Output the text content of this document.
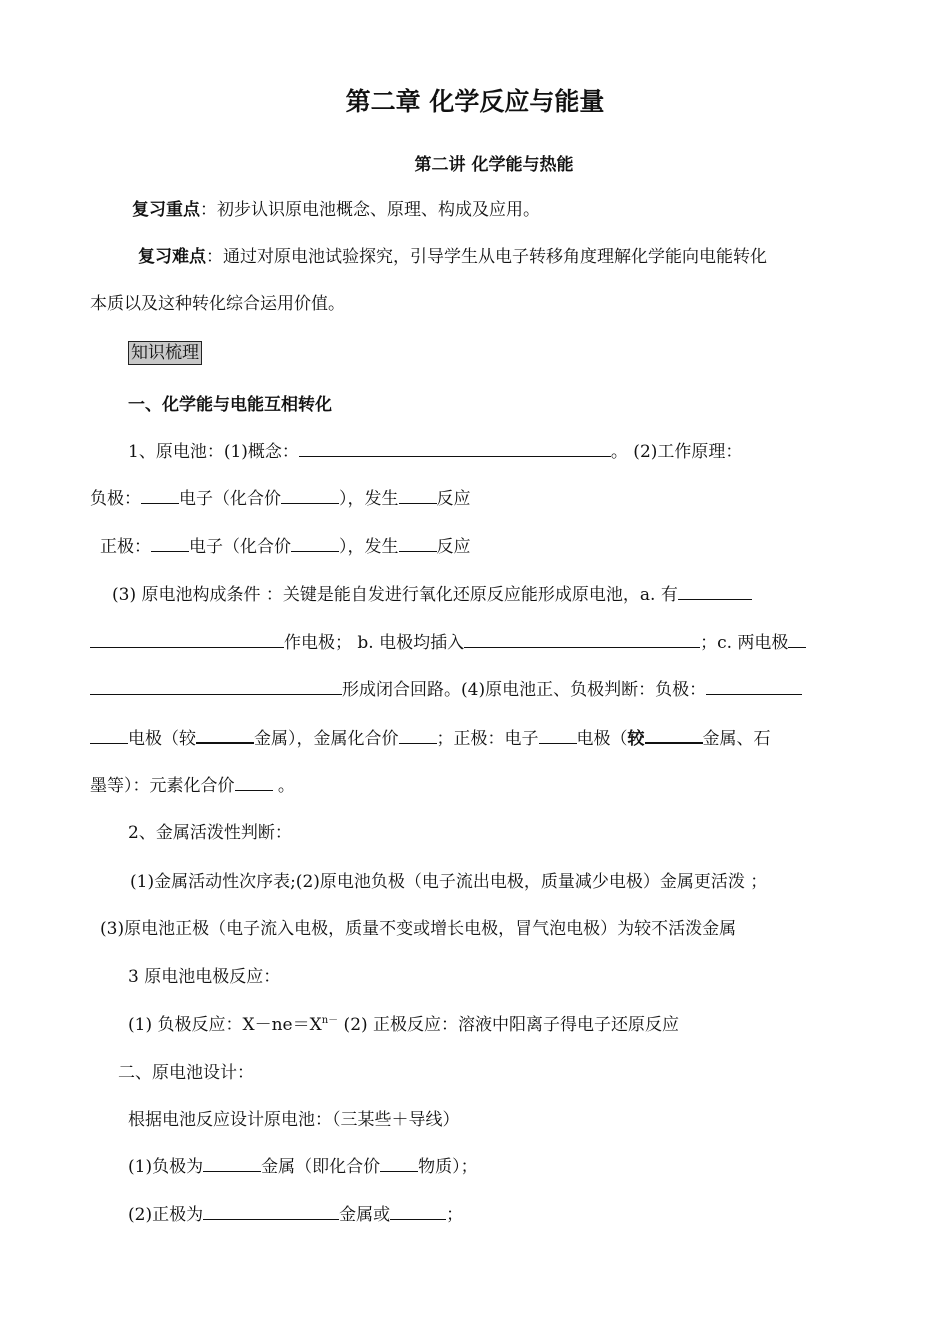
第二章 化学反应与能量
第二讲 化学能与热能
复习重点：初步认识原电池概念、原理、构成及应用。
复习难点：通过对原电池试验探究，引导学生从电子转移角度理解化学能向电能转化
本质以及这种转化综合运用价值。
知识梳理
一、化学能与电能互相转化
1、原电池：(1)概念：	。 (2)工作原理：
负极： 电子（化合价	），发生 反应
正极： 电子（化合价	），发生 反应
(3) 原电池构成条件 ：关键是能自发进行氧化还原反应能形成原电池，a. 有
作电极； b. 电极均插入	；c. 两电极
形成闭合回路。(4)原电池正、负极判断：负极：
电极（较	金属），金属化合价 ；正极：电子 电极（较	金属、石
墨等）：元素化合价 。
2、金属活泼性判断：
(1)金属活动性次序表;(2)原电池负极（电子流出电极，质量减少电极）金属更活泼 ；
(3)原电池正极（电子流入电极，质量不变或增长电极，冒气泡电极）为较不活泼金属
3 原电池电极反应：
(1) 负极反应：$X-ne=X^{n-}$ (2) 正极反应：溶液中阳离子得电子还原反应
二、原电池设计：
根据电池反应设计原电池：（三某些＋导线）
(1)负极为	金属（即化合价 物质）；
(2)正极为	金属或	；
